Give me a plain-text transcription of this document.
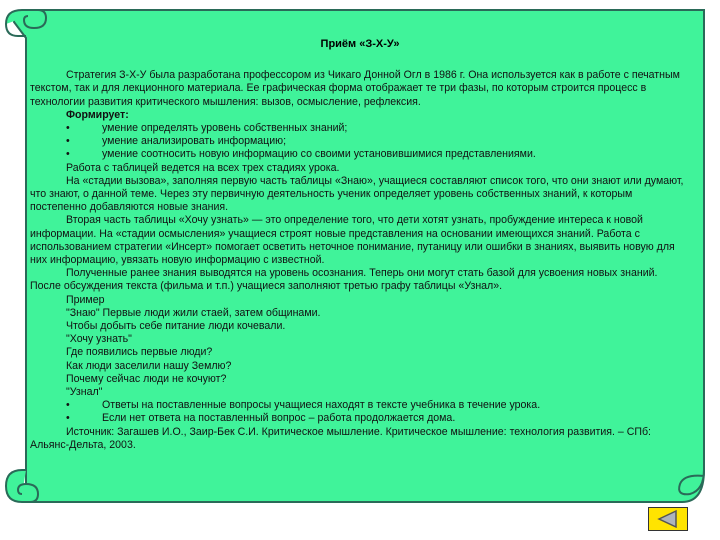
Приём «З-Х-У»

Стратегия З-Х-У была разработана профессором из Чикаго Донной Огл в 1986 г. Она используется как в работе с печатным текстом, так и для лекционного материала. Ее графическая форма отображает те три фазы, по которым строится процесс в технологии развития критического мышления: вызов, осмысление, рефлексия.

Формирует:

•	умение определять уровень собственных знаний;
•	умение анализировать информацию;
•	умение соотносить новую информацию со своими установившимися представлениями.

Работа с таблицей ведется на всех трех стадиях урока.

На «стадии вызова», заполняя первую часть таблицы «Знаю», учащиеся составляют список того, что они знают или думают, что знают, о данной теме. Через эту первичную деятельность ученик определяет уровень собственных знаний, к которым постепенно добавляются новые знания.

Вторая часть таблицы «Хочу узнать» — это определение того, что дети хотят узнать, пробуждение интереса к новой информации. На «стадии осмысления» учащиеся строят новые представления на основании имеющихся знаний. Работа с использованием стратегии «Инсерт» помогает осветить неточное понимание, путаницу или ошибки в знаниях, выявить новую для них информацию, увязать новую информацию с известной.

Полученные ранее знания выводятся на уровень осознания. Теперь они могут стать базой для усвоения новых знаний. После обсуждения текста (фильма и т.п.) учащиеся заполняют третью графу таблицы «Узнал».

Пример

"Знаю" Первые люди жили стаей, затем общинами.

Чтобы добыть себе питание люди кочевали.

"Хочу узнать"

Где появились первые люди?

Как люди заселили нашу Землю?

Почему сейчас люди не кочуют?

"Узнал"

•	Ответы на поставленные вопросы учащиеся находят в тексте учебника в течение урока.
•	Если нет ответа на поставленный вопрос – работа продолжается дома.

Источник: Загашев И.О., Заир-Бек С.И. Критическое мышление. Критическое мышление: технология развития. – СПб: Альянс-Дельта, 2003.
